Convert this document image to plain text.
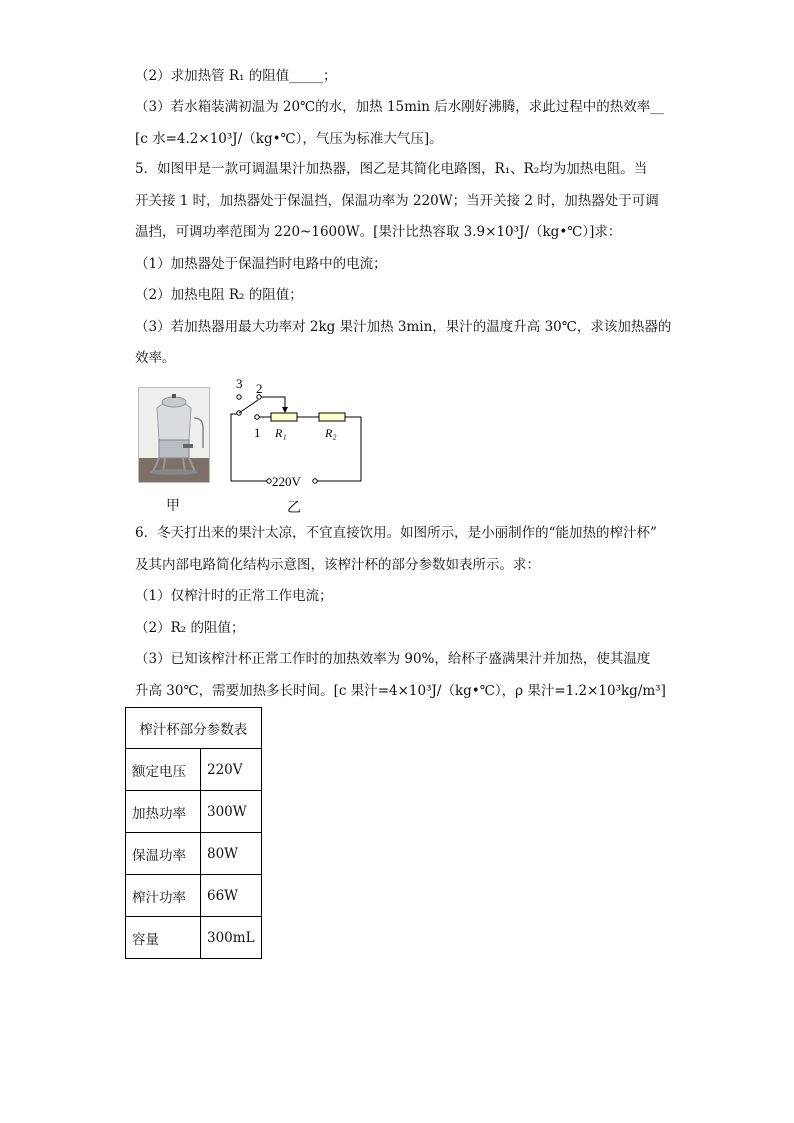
（2）求加热管 R₁ 的阻值_____；
（3）若水箱装满初温为 20℃的水，加热 15min 后水刚好沸腾，求此过程中的热效率__
[c 水=4.2×10³J/（kg•℃），气压为标准大气压]。

5．如图甲是一款可调温果汁加热器，图乙是其简化电路图，R₁、R₂均为加热电阻。当

开关接 1 时，加热器处于保温挡，保温功率为 220W；当开关接 2 时，加热器处于可调

温挡，可调功率范围为 220~1600W。[果汁比热容取 3.9×10³J/（kg•℃）]求：

（1）加热器处于保温挡时电路中的电流；

（2）加热电阻 R₂ 的阻值；

（3）若加热器用最大功率对 2kg 果汁加热 3min，果汁的温度升高 30℃，求该加热器的

效率。

甲
3 2
1
220V
R₁	R₂
乙

6．冬天打出来的果汁太凉，不宜直接饮用。如图所示，是小丽制作的“能加热的榨汁杯”

及其内部电路简化结构示意图，该榨汁杯的部分参数如表所示。求：

（1）仅榨汁时的正常工作电流；

（2）R₂ 的阻值；

（3）已知该榨汁杯正常工作时的加热效率为 90%，给杯子盛满果汁并加热，使其温度

升高 30℃，需要加热多长时间。[c 果汁=4×10³J/（kg•℃），ρ 果汁=1.2×10³kg/m³]

榨汁杯部分参数表	
额定电压	220V
加热功率	300W
保温功率	80W
榨汁功率	66W
容量	300mL
